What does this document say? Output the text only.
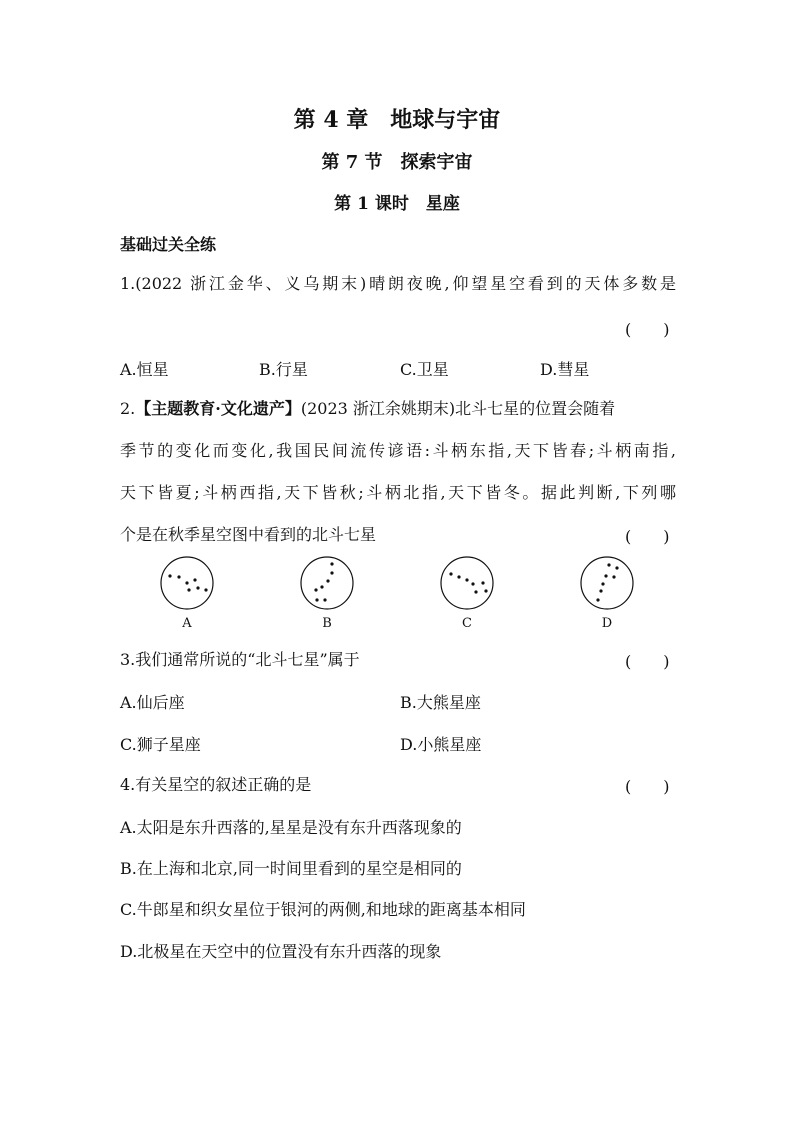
第 4 章　地球与宇宙
第 7 节　探索宇宙
第 1 课时　星座
基础过关全练
1.(2022 浙江金华、义乌期末)晴朗夜晚,仰望星空看到的天体多数是
(　　)
A.恒星	B.行星	C.卫星	D.彗星
2.【主题教育·文化遗产】(2023 浙江余姚期末)北斗七星的位置会随着
季节的变化而变化,我国民间流传谚语:斗柄东指,天下皆春;斗柄南指,
天下皆夏;斗柄西指,天下皆秋;斗柄北指,天下皆冬。据此判断,下列哪
个是在秋季星空图中看到的北斗七星	(　　)
A	B	C	D
3.我们通常所说的“北斗七星”属于	(　　)
A.仙后座	B.大熊星座
C.狮子星座	D.小熊星座
4.有关星空的叙述正确的是	(　　)
A.太阳是东升西落的,星星是没有东升西落现象的
B.在上海和北京,同一时间里看到的星空是相同的
C.牛郎星和织女星位于银河的两侧,和地球的距离基本相同
D.北极星在天空中的位置没有东升西落的现象
